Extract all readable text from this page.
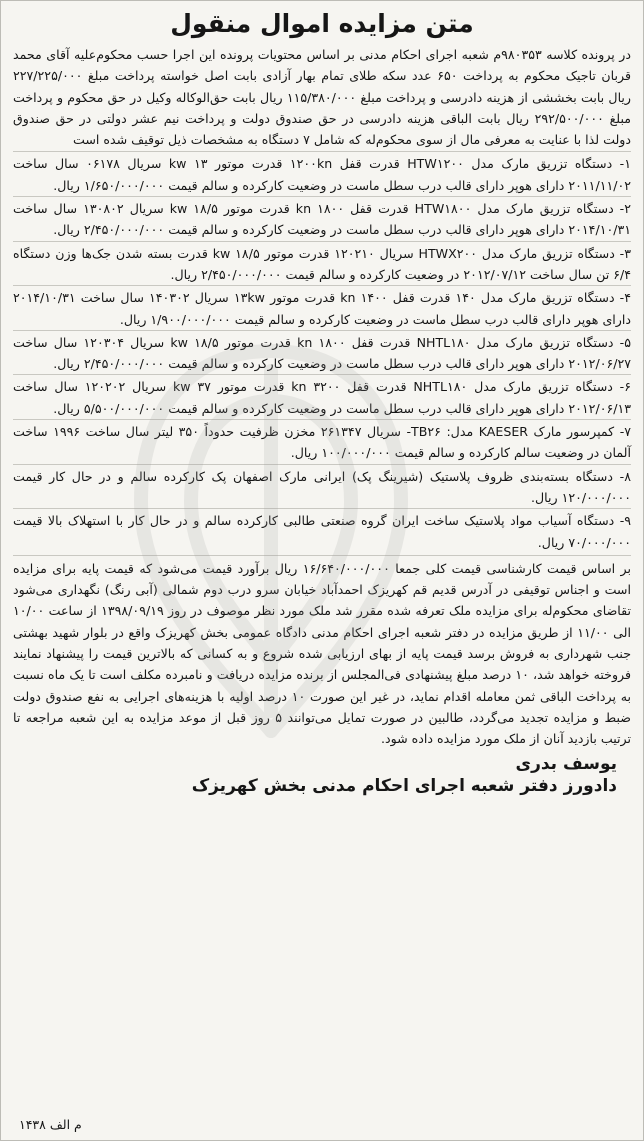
متن مزایده اموال منقول

در پرونده کلاسه ۹۸۰۳۵۳م شعبه اجرای احکام مدنی بر اساس محتویات پرونده این اجرا حسب محکوم‌علیه آقای محمد قربان تاجیک محکوم به پرداخت ۶۵۰ عدد سکه طلای تمام بهار آزادی بابت اصل خواسته پرداخت مبلغ ۲۲۷/۲۲۵/۰۰۰ ریال بابت بخششی از هزینه دادرسی و پرداخت مبلغ ۱۱۵/۳۸۰/۰۰۰ ریال بابت حق‌الوکاله وکیل در حق محکوم و پرداخت مبلغ ۲۹۲/۵۰۰/۰۰۰ ریال بابت الباقی هزینه دادرسی در حق صندوق دولت و پرداخت نیم عشر دولتی در حق صندوق دولت لذا با عنایت به معرفی مال از سوی محکوم‌له که شامل ۷ دستگاه به مشخصات ذیل توقیف شده است

۱- دستگاه تزریق مارک مدل HTW۱۲۰۰ قدرت قفل ۱۲۰۰kn قدرت موتور ۱۳ kw سریال ۰۶۱۷۸ سال ساخت ۲۰۱۱/۱۱/۰۲ دارای هوپر دارای قالب درب سطل ماست در وضعیت کارکرده و سالم قیمت ۱/۶۵۰/۰۰۰/۰۰۰ ریال.

۲- دستگاه تزریق مارک مدل HTW۱۸۰۰ قدرت قفل ۱۸۰۰ kn قدرت موتور ۱۸/۵ kw سریال ۱۳۰۸۰۲ سال ساخت ۲۰۱۴/۱۰/۳۱ دارای هوپر دارای قالب درب سطل ماست در وضعیت کارکرده و سالم قیمت ۲/۴۵۰/۰۰۰/۰۰۰ ریال.

۳- دستگاه تزریق مارک مدل HTWX۲۰۰ سریال ۱۲۰۲۱۰ قدرت موتور ۱۸/۵ kw قدرت بسته شدن جک‌ها وزن دستگاه ۶/۴ تن سال ساخت ۲۰۱۲/۰۷/۱۲ در وضعیت کارکرده و سالم قیمت ۲/۴۵۰/۰۰۰/۰۰۰ ریال.

۴- دستگاه تزریق مارک مدل ۱۴۰ قدرت قفل ۱۴۰۰ kn قدرت موتور ۱۳kw سریال ۱۴۰۳۰۲ سال ساخت ۲۰۱۴/۱۰/۳۱ دارای هوپر دارای قالب درب سطل ماست در وضعیت کارکرده و سالم قیمت ۱/۹۰۰/۰۰۰/۰۰۰ ریال.

۵- دستگاه تزریق مارک مدل NHTL۱۸۰ قدرت قفل ۱۸۰۰ kn قدرت موتور ۱۸/۵ kw سریال ۱۲۰۳۰۴ سال ساخت ۲۰۱۲/۰۶/۲۷ دارای هوپر دارای قالب درب سطل ماست در وضعیت کارکرده و سالم قیمت ۲/۴۵۰/۰۰۰/۰۰۰ ریال.

۶- دستگاه تزریق مارک مدل NHTL۱۸۰ قدرت قفل ۳۲۰۰ kn قدرت موتور ۳۷ kw سریال ۱۲۰۲۰۲ سال ساخت ۲۰۱۲/۰۶/۱۳ دارای هوپر دارای قالب درب سطل ماست در وضعیت کارکرده و سالم قیمت ۵/۵۰۰/۰۰۰/۰۰۰ ریال.

۷- کمپرسور مارک KAESER مدل: TB۲۶- سریال ۲۶۱۳۴۷ مخزن ظرفیت حدوداً ۳۵۰ لیتر سال ساخت ۱۹۹۶ ساخت آلمان در وضعیت سالم کارکرده و سالم قیمت ۱۰۰/۰۰۰/۰۰۰ ریال.

۸- دستگاه بسته‌بندی ظروف پلاستیک (شیرینگ پک) ایرانی مارک اصفهان پک کارکرده سالم و در حال کار قیمت ۱۲۰/۰۰۰/۰۰۰ ریال.

۹- دستگاه آسیاب مواد پلاستیک ساخت ایران گروه صنعتی طالبی کارکرده سالم و در حال کار با استهلاک بالا قیمت ۷۰/۰۰۰/۰۰۰ ریال.

بر اساس قیمت کارشناسی قیمت کلی جمعا ۱۶/۶۴۰/۰۰۰/۰۰۰ ریال برآورد قیمت می‌شود که قیمت پایه برای مزایده است و اجناس توقیفی در آدرس قدیم قم کهریزک احمدآباد خیابان سرو درب دوم شمالی (آبی رنگ) نگهداری می‌شود تقاضای محکوم‌له برای مزایده ملک تعرفه شده مقرر شد ملک مورد نظر موصوف در روز ۱۳۹۸/۰۹/۱۹ از ساعت ۱۰/۰۰ الی ۱۱/۰۰ از طریق مزایده در دفتر شعبه اجرای احکام مدنی دادگاه عمومی بخش کهریزک واقع در بلوار شهید بهشتی جنب شهرداری به فروش برسد قیمت پایه از بهای ارزیابی شده شروع و به کسانی که بالاترین قیمت را پیشنهاد نمایند فروخته خواهد شد، ۱۰ درصد مبلغ پیشنهادی فی‌المجلس از برنده مزایده دریافت و نامبرده مکلف است تا یک ماه نسبت به پرداخت الباقی ثمن معامله اقدام نماید، در غیر این صورت ۱۰ درصد اولیه با هزینه‌های اجرایی به نفع صندوق دولت ضبط و مزایده تجدید می‌گردد، طالبین در صورت تمایل می‌توانند ۵ روز قبل از موعد مزایده به این شعبه مراجعه تا ترتیب بازدید آنان از ملک مورد مزایده داده شود.

یوسف بدری
دادورز دفتر شعبه اجرای احکام مدنی بخش کهریزک
م الف ۱۴۳۸
